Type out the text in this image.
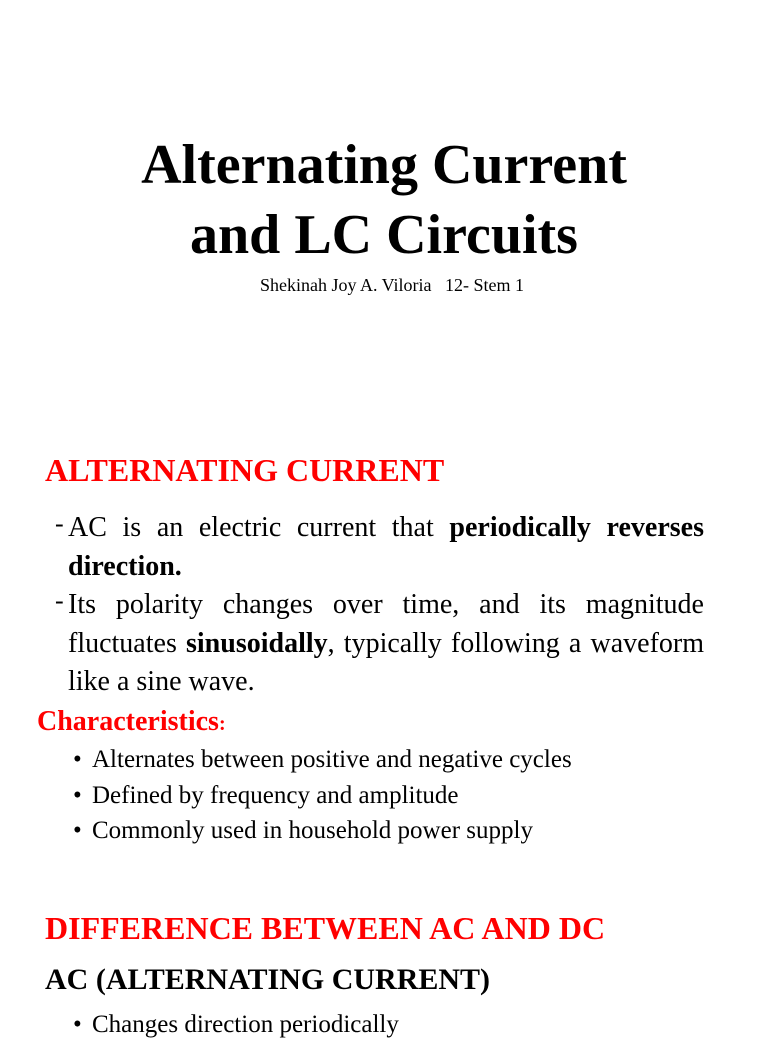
Alternating Current
and LC Circuits

Shekinah Joy A. Viloria   12- Stem 1

ALTERNATING CURRENT
- AC is an electric current that periodically reverses direction.
- Its polarity changes over time, and its magnitude fluctuates sinusoidally, typically following a waveform like a sine wave.
Characteristics:
• Alternates between positive and negative cycles
• Defined by frequency and amplitude
• Commonly used in household power supply
DIFFERENCE BETWEEN AC AND DC
AC (ALTERNATING CURRENT)
• Changes direction periodically
